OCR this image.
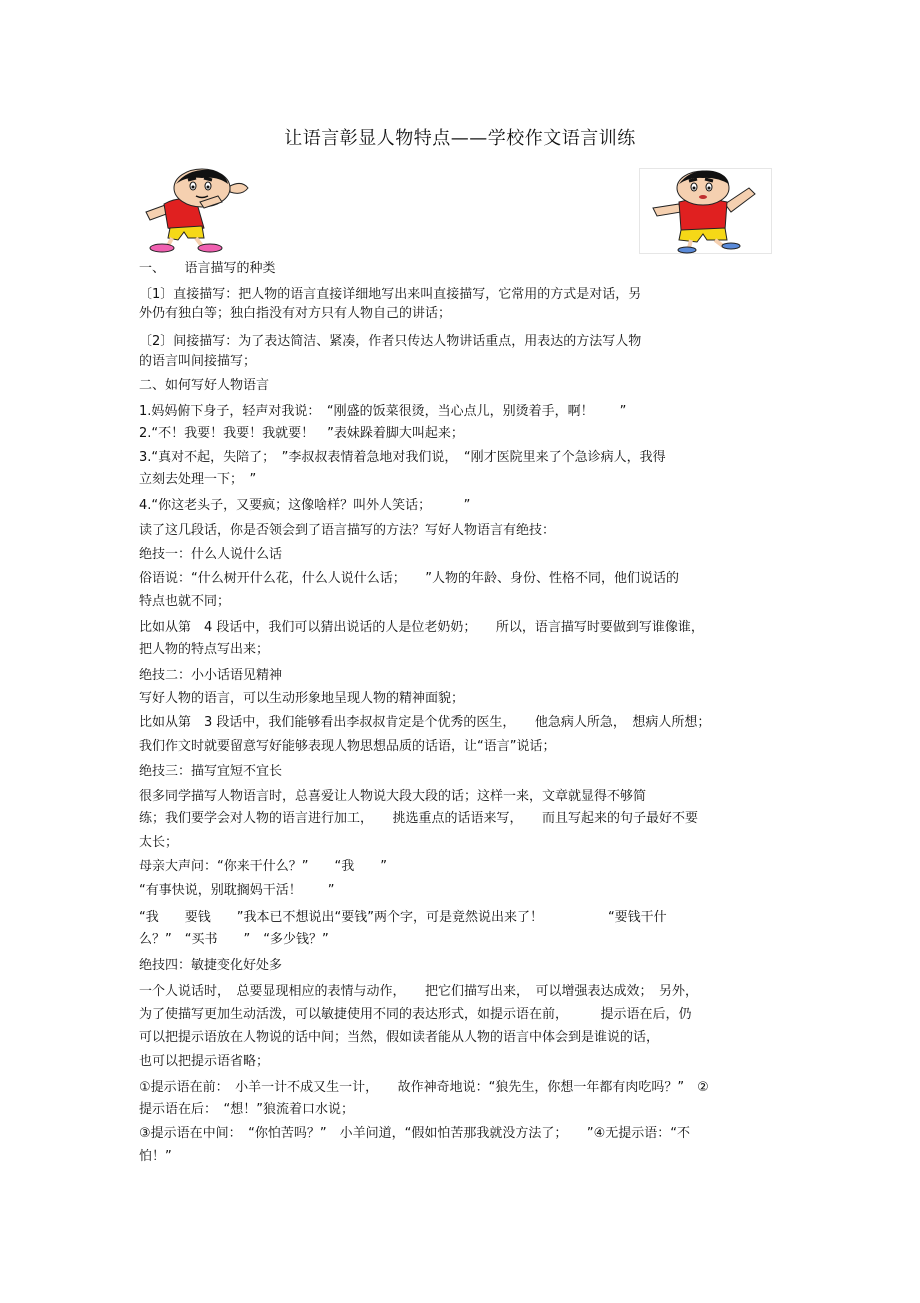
让语言彰显人物特点——学校作文语言训练
一、　　语言描写的种类
〔1〕直接描写：把人物的语言直接详细地写出来叫直接描写，它常用的方式是对话，另
外仍有独白等；独白指没有对方只有人物自己的讲话；
〔2〕间接描写：为了表达简洁、紧凑，作者只传达人物讲话重点，用表达的方法写人物
的语言叫间接描写；
二、如何写好人物语言
1.妈妈俯下身子，轻声对我说：　“刚盛的饭菜很烫，当心点儿，别烫着手，啊！　　”
2.“不！我要！我要！我就要！　”表妹跺着脚大叫起来；
3.“真对不起，失陪了；　”李叔叔表情着急地对我们说，　“刚才医院里来了个急诊病人，我得
立刻去处理一下；　”
4.“你这老头子，又要疯；这像啥样？叫外人笑话；　　　”
读了这几段话，你是否领会到了语言描写的方法？写好人物语言有绝技：
绝技一：什么人说什么话
俗语说：“什么树开什么花，什么人说什么话；　　”人物的年龄、身份、性格不同，他们说话的
特点也就不同；
比如从第　4 段话中，我们可以猜出说话的人是位老奶奶；　　所以，语言描写时要做到写谁像谁，
把人物的特点写出来；
绝技二：小小话语见精神
写好人物的语言，可以生动形象地呈现人物的精神面貌；
比如从第　3 段话中，我们能够看出李叔叔肯定是个优秀的医生，　　他急病人所急，　想病人所想；
我们作文时就要留意写好能够表现人物思想品质的话语，让“语言”说话；
绝技三：描写宜短不宜长
很多同学描写人物语言时，总喜爱让人物说大段大段的话；这样一来，文章就显得不够简
练；我们要学会对人物的语言进行加工，　　挑选重点的话语来写，　　而且写起来的句子最好不要
太长；
母亲大声问：“你来干什么？”　　“我　　”
“有事快说，别耽搁妈干活！　　”
“我　　要钱　　”我本已不想说出“要钱”两个字，可是竟然说出来了！　　　　　“要钱干什
么？”　“买书　　”　“多少钱？”
绝技四：敏捷变化好处多
一个人说话时，　总要显现相应的表情与动作，　　把它们描写出来，　可以增强表达成效；　另外，
为了使描写更加生动活泼，可以敏捷使用不同的表达形式，如提示语在前，　　　提示语在后，仍
可以把提示语放在人物说的话中间；当然，假如读者能从人物的语言中体会到是谁说的话，
也可以把提示语省略；
①提示语在前：　小羊一计不成又生一计，　　故作神奇地说：“狼先生，你想一年都有肉吃吗？”　②
提示语在后：　“想！”狼流着口水说；
③提示语在中间：　“你怕苦吗？”　小羊问道，“假如怕苦那我就没方法了；　　”④无提示语：“不
怕！”
